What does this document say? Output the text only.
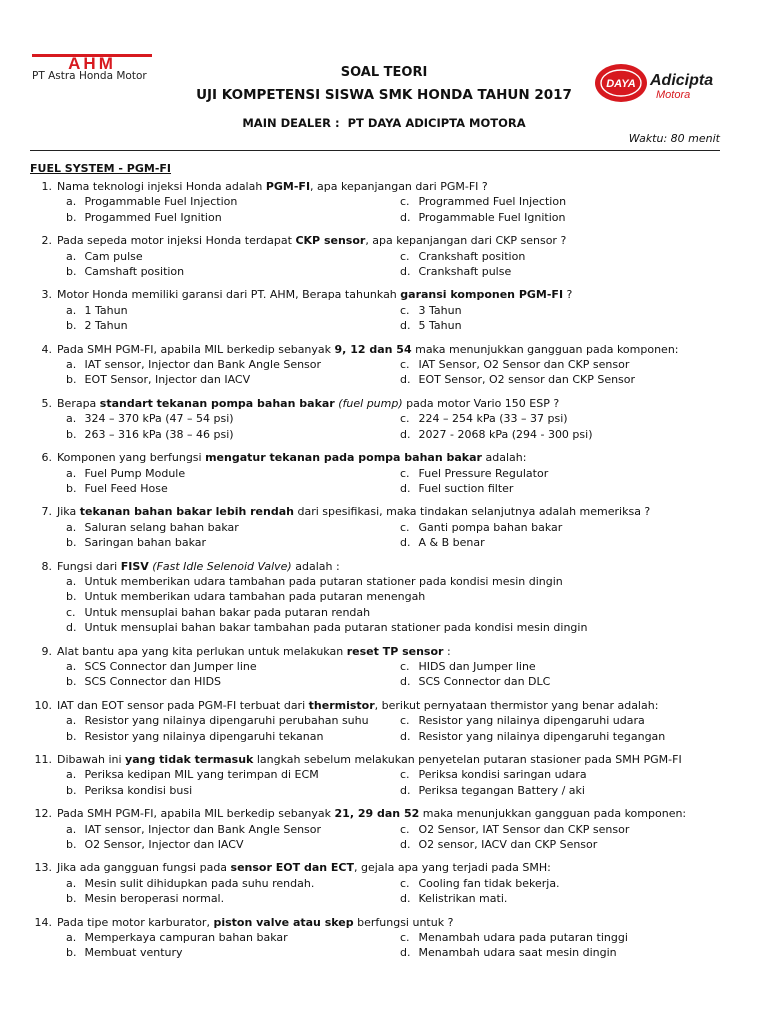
AHM
PT Astra Honda Motor	SOAL TEORI
UJI KOMPETENSI SISWA SMK HONDA TAHUN 2017
MAIN DEALER : PT DAYA ADICIPTA MOTORA
DAYA Adicipta
Motora
Waktu: 80 menit
FUEL SYSTEM - PGM-FI
1. Nama teknologi injeksi Honda adalah PGM-FI, apa kepanjangan dari PGM-FI ?
a. Progammable Fuel Injection	c. Programmed Fuel Injection
b. Progammed Fuel Ignition	d. Progammable Fuel Ignition
2. Pada sepeda motor injeksi Honda terdapat CKP sensor, apa kepanjangan dari CKP sensor ?
a. Cam pulse	c. Crankshaft position
b. Camshaft position	d. Crankshaft pulse
3. Motor Honda memiliki garansi dari PT. AHM, Berapa tahunkah garansi komponen PGM-FI ?
a. 1 Tahun	c. 3 Tahun
b. 2 Tahun	d. 5 Tahun
4. Pada SMH PGM-FI, apabila MIL berkedip sebanyak 9, 12 dan 54 maka menunjukkan gangguan pada komponen:
a. IAT sensor, Injector dan Bank Angle Sensor	c. IAT Sensor, O2 Sensor dan CKP sensor
b. EOT Sensor, Injector dan IACV	d. EOT Sensor, O2 sensor dan CKP Sensor
5. Berapa standart tekanan pompa bahan bakar (fuel pump) pada motor Vario 150 ESP ?
a. 324 – 370 kPa (47 – 54 psi)	c. 224 – 254 kPa (33 – 37 psi)
b. 263 – 316 kPa (38 – 46 psi)	d. 2027 - 2068 kPa (294 - 300 psi)
6. Komponen yang berfungsi mengatur tekanan pada pompa bahan bakar adalah:
a. Fuel Pump Module	c. Fuel Pressure Regulator
b. Fuel Feed Hose	d. Fuel suction filter
7. Jika tekanan bahan bakar lebih rendah dari spesifikasi, maka tindakan selanjutnya adalah memeriksa ?
a. Saluran selang bahan bakar	c. Ganti pompa bahan bakar
b. Saringan bahan bakar	d. A & B benar
8. Fungsi dari FISV (Fast Idle Selenoid Valve) adalah :
a. Untuk memberikan udara tambahan pada putaran stationer pada kondisi mesin dingin
b. Untuk memberikan udara tambahan pada putaran menengah
c. Untuk mensuplai bahan bakar pada putaran rendah
d. Untuk mensuplai bahan bakar tambahan pada putaran stationer pada kondisi mesin dingin
9. Alat bantu apa yang kita perlukan untuk melakukan reset TP sensor :
a. SCS Connector dan Jumper line	c. HIDS dan Jumper line
b. SCS Connector dan HIDS	d. SCS Connector dan DLC
10. IAT dan EOT sensor pada PGM-FI terbuat dari thermistor, berikut pernyataan thermistor yang benar adalah:
a. Resistor yang nilainya dipengaruhi perubahan suhu	c. Resistor yang nilainya dipengaruhi udara
b. Resistor yang nilainya dipengaruhi tekanan	d. Resistor yang nilainya dipengaruhi tegangan
11. Dibawah ini yang tidak termasuk langkah sebelum melakukan penyetelan putaran stasioner pada SMH PGM-FI
a. Periksa kedipan MIL yang terimpan di ECM	c. Periksa kondisi saringan udara
b. Periksa kondisi busi	d. Periksa tegangan Battery / aki
12. Pada SMH PGM-FI, apabila MIL berkedip sebanyak 21, 29 dan 52 maka menunjukkan gangguan pada komponen:
a. IAT sensor, Injector dan Bank Angle Sensor	c. O2 Sensor, IAT Sensor dan CKP sensor
b. O2 Sensor, Injector dan IACV	d. O2 sensor, IACV dan CKP Sensor
13. Jika ada gangguan fungsi pada sensor EOT dan ECT, gejala apa yang terjadi pada SMH:
a. Mesin sulit dihidupkan pada suhu rendah.	c. Cooling fan tidak bekerja.
b. Mesin beroperasi normal.	d. Kelistrikan mati.
14. Pada tipe motor karburator, piston valve atau skep berfungsi untuk ?
a. Memperkaya campuran bahan bakar	c. Menambah udara pada putaran tinggi
b. Membuat ventury	d. Menambah udara saat mesin dingin
